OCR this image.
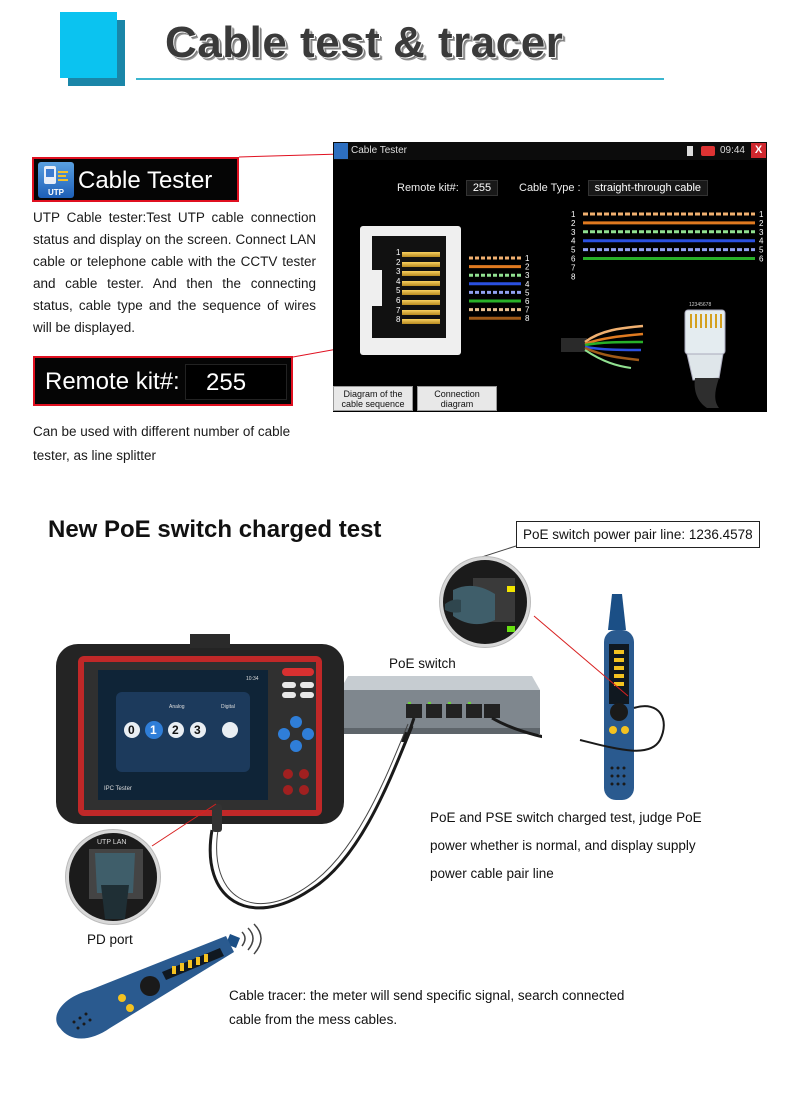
Cable test & tracer
UTP Cable Tester
UTP Cable tester:Test UTP cable connection status and display on the screen. Connect LAN cable or telephone cable with the CCTV tester and cable tester. And then the connecting status, cable type and the sequence of wires will be displayed.
Remote kit#:	255
Can be used with different number of cable tester, as line splitter
Cable Tester	09:44 X
Remote kit#: 255	Cable Type : straight-through cable
1
2
3
4
5
6
7
8
1
2
3
4
5
6
7
8
1	1
2	2
3	3
4	4
5	5
6	6
7
8
12345678
Diagram of the cable sequence
Connection diagram
New PoE switch charged test	PoE switch power pair line: 1236.4578
PoE switch
Analog	Digital
IPC Tester
10:34
0 1 2 3
UTP LAN
PD port
PoE and PSE switch charged test, judge PoE power whether is normal, and display supply power cable pair line
Cable tracer: the meter will send specific signal, search connected cable from the mess cables.
